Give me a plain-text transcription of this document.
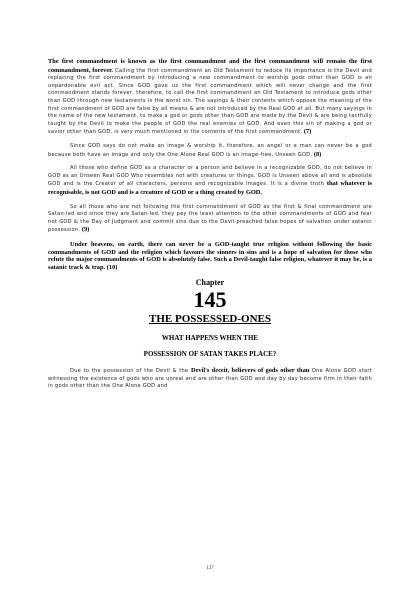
The first commandment is known as the first commandment and the first commandment will remain the first commandment, forever. Calling the first commandment an Old Testament to reduce its importance is the Devil and replacing the first commandment by introducing a new commandment to worship gods other than GOD is an unpardonable evil act. Since GOD gave us the first commandment which will never change and the first commandment stands forever, therefore, to call the first commandment an Old Testament to introduce gods other than GOD through new testaments is the worst sin. The sayings & their contents which oppose the meaning of the first commandment of GOD are false by all means & are not introduced by the Real GOD at all. But many sayings in the name of the new testament, to make a god or gods other than GOD are made by the Devil & are being tactfully taught by the Devil to make the people of GOD the real enemies of GOD. And even this sin of making a god or savior other than GOD, is very much mentioned in the contents of the first commandment. (7)

Since GOD says do not make an image & worship it, therefore, an angel or a man can never be a god because both have an image and only the One Alone Real GOD is an image-free, Unseen GOD. (8)

All those who define GOD as a character or a person and believe in a recognizable GOD, do not believe in GOD as an Unseen Real GOD Who resembles not with creatures or things. GOD is Unseen above all and is absolute GOD and is the Creator of all characters, persons and recognizable images. It is a divine truth that whatever is recognisable, is not GOD and is a creature of GOD or a thing created by GOD.

So all those who are not following the first commandment of GOD as the first & final commandment are Satan-led and since they are Satan-led, they pay the least attention to the other commandments of GOD and fear not GOD & the Day of Judgment and commit sins due to the Devil-preached false hopes of salvation under satanic possession. (9)

Under heavens, on earth, there can never be a GOD-taught true religion without following the basic commandments of GOD and the religion which favours the sinners in sins and is a hope of salvation for those who refute the major commandments of GOD is absolutely false. Such a Devil-taught false religion, whatever it may be, is a satanic track & trap. (10)

Chapter
145
THE POSSESSED-ONES
WHAT HAPPENS WHEN THE
POSSESSION OF SATAN TAKES PLACE?

Due to the possession of the Devil & the Devil's deceit, believers of gods other than One Alone GOD start witnessing the existence of gods who are unreal and are other than GOD and day by day become firm in their faith in gods other than the One Alone GOD and

127
